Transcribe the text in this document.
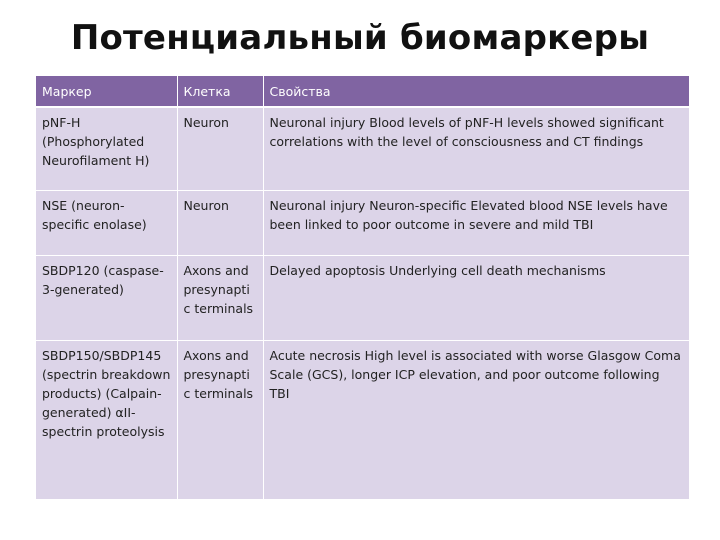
Потенциальный биомаркеры
Маркер	Клетка	Свойства
pNF-H (Phosphorylated Neurofilament H)	Neuron	Neuronal injury Blood levels of pNF-H levels showed significant correlations with the level of consciousness and CT findings
NSE (neuron-specific enolase)	Neuron	Neuronal injury Neuron-specific Elevated blood NSE levels have been linked to poor outcome in severe and mild TBI
SBDP120 (caspase-3-generated)	Axons and presynaptic terminals	Delayed apoptosis Underlying cell death mechanisms
SBDP150/SBDP145 (spectrin breakdown products) (Calpain-generated) αII-spectrin proteolysis	Axons and presynaptic terminals	Acute necrosis High level is associated with worse Glasgow Coma Scale (GCS), longer ICP elevation, and poor outcome following TBI
